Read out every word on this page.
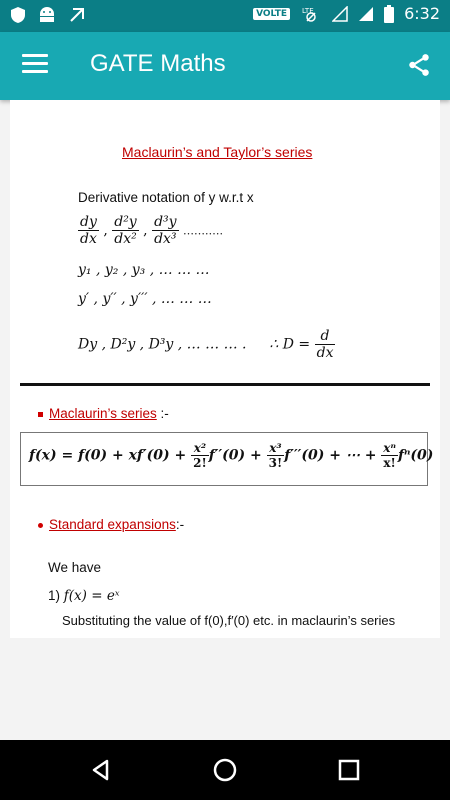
VOLTE	LTE	6:32
GATE Maths
Maclaurin’s and Taylor’s series
Derivative notation of y w.r.t x
$\frac{dy}{dx}$ , $\frac{\text{d²y}}{\text{dx²}}$ , $\frac{\text{d³y}}{\text{dx³}}$ …….….
y₁ , y₂ , y₃ , … … …
y′ , y′′ , y′′′ , … … …
Dy , D²y , D³y , … … … . ∴ $D = \frac{d}{dx}$
Maclaurin’s series :-
$f(x) = f(0) + xf'(0) + \frac{\text{x²}}{2!} f''(0) + \frac{\text{x³}}{3!} f'''(0)$ + ⋯ + $\frac{\text{xⁿ}}{x!} f^n(0)$
Standard expansions:-
We have
1) f(x) = eˣ
Substituting the value of f(0),f′(0) etc. in maclaurin’s series
